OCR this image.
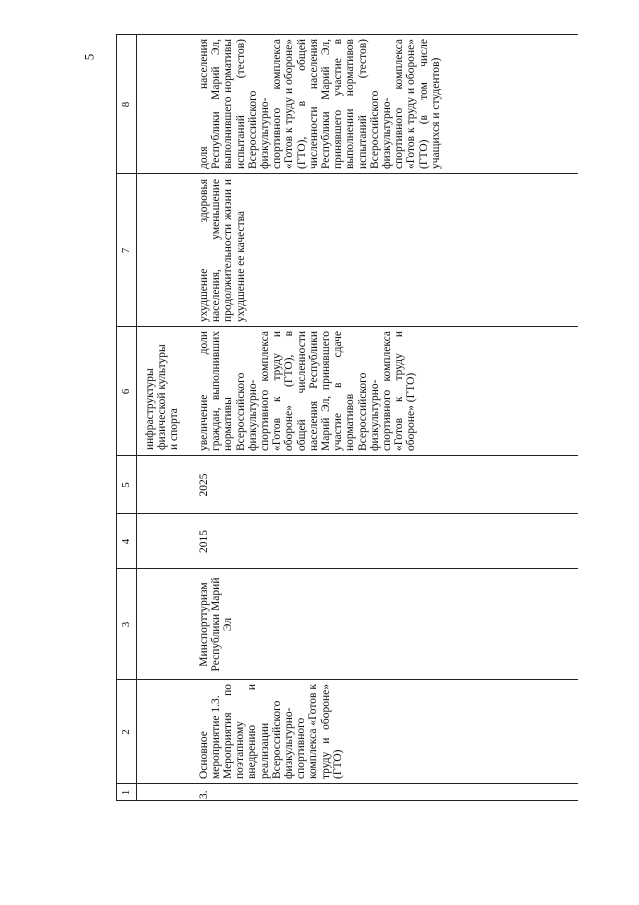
5
1
2
3
4
5
6
7
8
инфраструктуры физической культуры и спорта
3.
Основное мероприятие 1.3. Мероприятия по поэтапному внедрению и реализации Всероссийского физкультурно-спортивного комплекса «Готов к труду и обороне» (ГТО)
Минспорттуризм Республики Марий Эл
2015
2025
увеличение доли граждан, выполнивших нормативы Всероссийского физкультурно-спортивного комплекса «Готов к труду и обороне» (ГТО), в общей численности населения Республики Марий Эл, принявшего участие в сдаче нормативов Всероссийского физкультурно-спортивного комплекса «Готов к труду и обороне» (ГТО)
ухудшение здоровья населения, уменьшение продолжительности жизни и ухудшение ее качества
доля населения Республики Марий Эл, выполнившего нормативы испытаний (тестов) Всероссийского физкультурно-спортивного комплекса «Готов к труду и обороне» (ГТО), в общей численности населения Республики Марий Эл, принявшего участие в выполнении нормативов испытаний (тестов) Всероссийского физкультурно-спортивного комплекса «Готов к труду и обороне» (ГТО) (в том числе учащихся и студентов)
